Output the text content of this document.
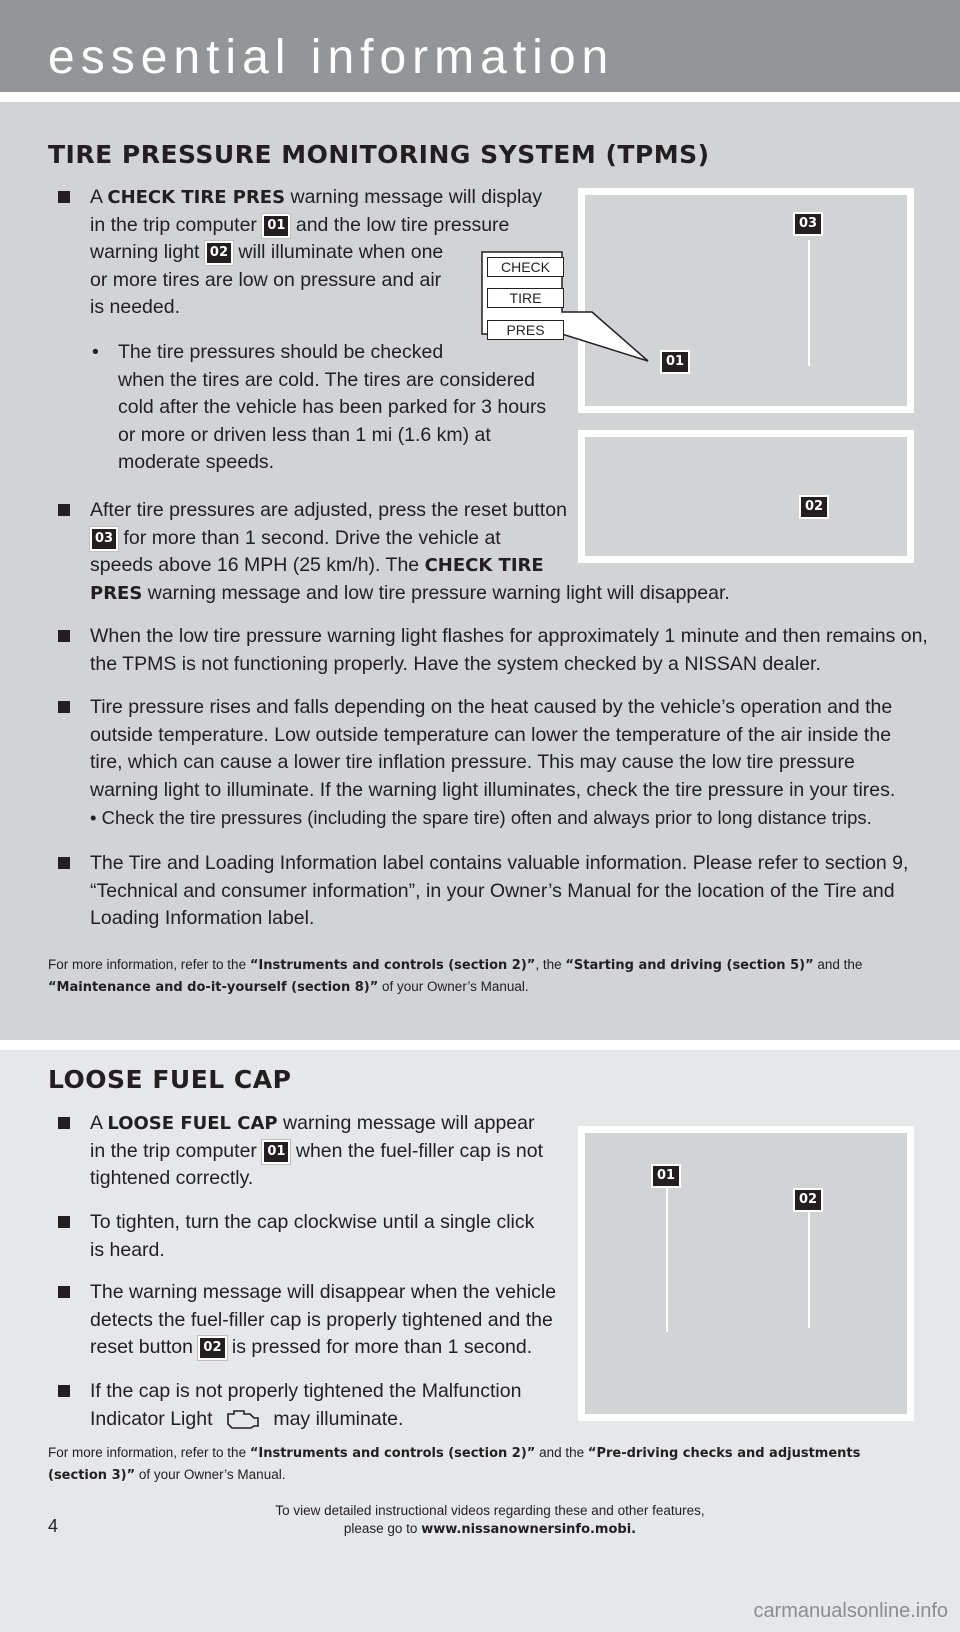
essential information
TIRE PRESSURE MONITORING SYSTEM (TPMS)
A CHECK TIRE PRES warning message will display
in the trip computer 01 and the low tire pressure
warning light 02 will illuminate when one
or more tires are low on pressure and air
is needed.
• The tire pressures should be checked
when the tires are cold. The tires are considered
cold after the vehicle has been parked for 3 hours
or more or driven less than 1 mi (1.6 km) at
moderate speeds.
After tire pressures are adjusted, press the reset button
03 for more than 1 second. Drive the vehicle at
speeds above 16 MPH (25 km/h). The CHECK TIRE
PRES warning message and low tire pressure warning light will disappear.
When the low tire pressure warning light flashes for approximately 1 minute and then remains on,
the TPMS is not functioning properly. Have the system checked by a NISSAN dealer.
Tire pressure rises and falls depending on the heat caused by the vehicle’s operation and the
outside temperature. Low outside temperature can lower the temperature of the air inside the
tire, which can cause a lower tire inflation pressure. This may cause the low tire pressure
warning light to illuminate. If the warning light illuminates, check the tire pressure in your tires.
• Check the tire pressures (including the spare tire) often and always prior to long distance trips.
The Tire and Loading Information label contains valuable information. Please refer to section 9,
“Technical and consumer information”, in your Owner’s Manual for the location of the Tire and
Loading Information label.
For more information, refer to the “Instruments and controls (section 2)”, the “Starting and driving (section 5)” and the
“Maintenance and do-it-yourself (section 8)” of your Owner’s Manual.
03
CHECK
TIRE
PRES
01
02
LOOSE FUEL CAP
A LOOSE FUEL CAP warning message will appear
in the trip computer 01 when the fuel-filler cap is not
tightened correctly.
To tighten, turn the cap clockwise until a single click
is heard.
The warning message will disappear when the vehicle
detects the fuel-filler cap is properly tightened and the
reset button 02 is pressed for more than 1 second.
If the cap is not properly tightened the Malfunction
Indicator Light	may illuminate.
For more information, refer to the “Instruments and controls (section 2)” and the “Pre-driving checks and adjustments
(section 3)” of your Owner’s Manual.
01
02
To view detailed instructional videos regarding these and other features,
please go to www.nissanownersinfo.mobi.
4
carmanualsonline.info
